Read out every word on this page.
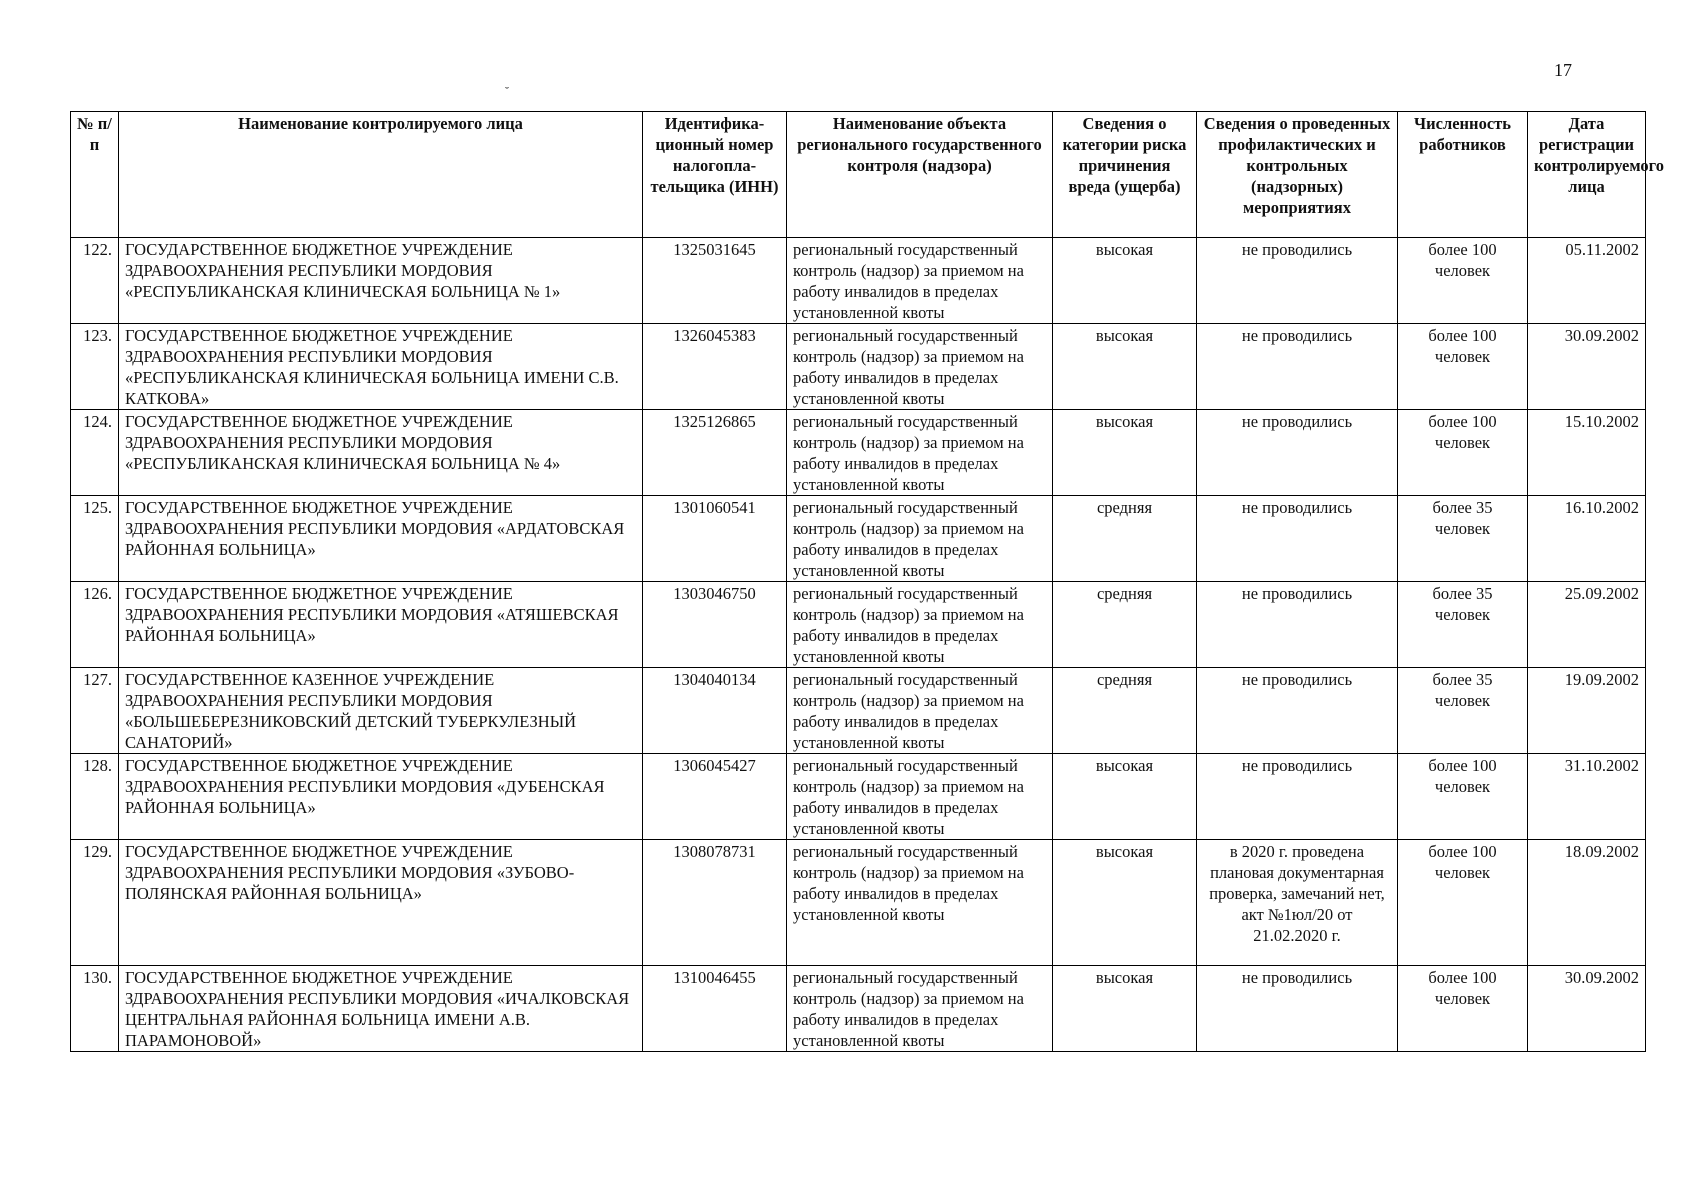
17
˘
№ п/п	Наименование контролируемого лица	Идентифика-ционный номер налогопла-тельщика (ИНН)	Наименование объекта регионального государственного контроля (надзора)	Сведения о категории риска причинения вреда (ущерба)	Сведения о проведенных профилактических и контрольных (надзорных) мероприятиях	Численность работников	Дата регистрации контролируемого лица
122.	ГОСУДАРСТВЕННОЕ БЮДЖЕТНОЕ УЧРЕЖДЕНИЕ ЗДРАВООХРАНЕНИЯ РЕСПУБЛИКИ МОРДОВИЯ «РЕСПУБЛИКАНСКАЯ КЛИНИЧЕСКАЯ БОЛЬНИЦА № 1»	1325031645	региональный государственный контроль (надзор) за приемом на работу инвалидов в пределах установленной квоты	высокая	не проводились	более 100 человек	05.11.2002
123.	ГОСУДАРСТВЕННОЕ БЮДЖЕТНОЕ УЧРЕЖДЕНИЕ ЗДРАВООХРАНЕНИЯ РЕСПУБЛИКИ МОРДОВИЯ «РЕСПУБЛИКАНСКАЯ КЛИНИЧЕСКАЯ БОЛЬНИЦА ИМЕНИ С.В. КАТКОВА»	1326045383	региональный государственный контроль (надзор) за приемом на работу инвалидов в пределах установленной квоты	высокая	не проводились	более 100 человек	30.09.2002
124.	ГОСУДАРСТВЕННОЕ БЮДЖЕТНОЕ УЧРЕЖДЕНИЕ ЗДРАВООХРАНЕНИЯ РЕСПУБЛИКИ МОРДОВИЯ «РЕСПУБЛИКАНСКАЯ КЛИНИЧЕСКАЯ БОЛЬНИЦА № 4»	1325126865	региональный государственный контроль (надзор) за приемом на работу инвалидов в пределах установленной квоты	высокая	не проводились	более 100 человек	15.10.2002
125.	ГОСУДАРСТВЕННОЕ БЮДЖЕТНОЕ УЧРЕЖДЕНИЕ ЗДРАВООХРАНЕНИЯ РЕСПУБЛИКИ МОРДОВИЯ «АРДАТОВСКАЯ РАЙОННАЯ БОЛЬНИЦА»	1301060541	региональный государственный контроль (надзор) за приемом на работу инвалидов в пределах установленной квоты	средняя	не проводились	более 35 человек	16.10.2002
126.	ГОСУДАРСТВЕННОЕ БЮДЖЕТНОЕ УЧРЕЖДЕНИЕ ЗДРАВООХРАНЕНИЯ РЕСПУБЛИКИ МОРДОВИЯ «АТЯШЕВСКАЯ РАЙОННАЯ БОЛЬНИЦА»	1303046750	региональный государственный контроль (надзор) за приемом на работу инвалидов в пределах установленной квоты	средняя	не проводились	более 35 человек	25.09.2002
127.	ГОСУДАРСТВЕННОЕ КАЗЕННОЕ УЧРЕЖДЕНИЕ ЗДРАВООХРАНЕНИЯ РЕСПУБЛИКИ МОРДОВИЯ «БОЛЬШЕБЕРЕЗНИКОВСКИЙ ДЕТСКИЙ ТУБЕРКУЛЕЗНЫЙ САНАТОРИЙ»	1304040134	региональный государственный контроль (надзор) за приемом на работу инвалидов в пределах установленной квоты	средняя	не проводились	более 35 человек	19.09.2002
128.	ГОСУДАРСТВЕННОЕ БЮДЖЕТНОЕ УЧРЕЖДЕНИЕ ЗДРАВООХРАНЕНИЯ РЕСПУБЛИКИ МОРДОВИЯ «ДУБЕНСКАЯ РАЙОННАЯ БОЛЬНИЦА»	1306045427	региональный государственный контроль (надзор) за приемом на работу инвалидов в пределах установленной квоты	высокая	не проводились	более 100 человек	31.10.2002
129.	ГОСУДАРСТВЕННОЕ БЮДЖЕТНОЕ УЧРЕЖДЕНИЕ ЗДРАВООХРАНЕНИЯ РЕСПУБЛИКИ МОРДОВИЯ «ЗУБОВО-ПОЛЯНСКАЯ РАЙОННАЯ БОЛЬНИЦА»	1308078731	региональный государственный контроль (надзор) за приемом на работу инвалидов в пределах установленной квоты	высокая	в 2020 г. проведена плановая документарная проверка, замечаний нет, акт №1юл/20 от 21.02.2020 г.	более 100 человек	18.09.2002
130.	ГОСУДАРСТВЕННОЕ БЮДЖЕТНОЕ УЧРЕЖДЕНИЕ ЗДРАВООХРАНЕНИЯ РЕСПУБЛИКИ МОРДОВИЯ «ИЧАЛКОВСКАЯ ЦЕНТРАЛЬНАЯ РАЙОННАЯ БОЛЬНИЦА ИМЕНИ А.В. ПАРАМОНОВОЙ»	1310046455	региональный государственный контроль (надзор) за приемом на работу инвалидов в пределах установленной квоты	высокая	не проводились	более 100 человек	30.09.2002
